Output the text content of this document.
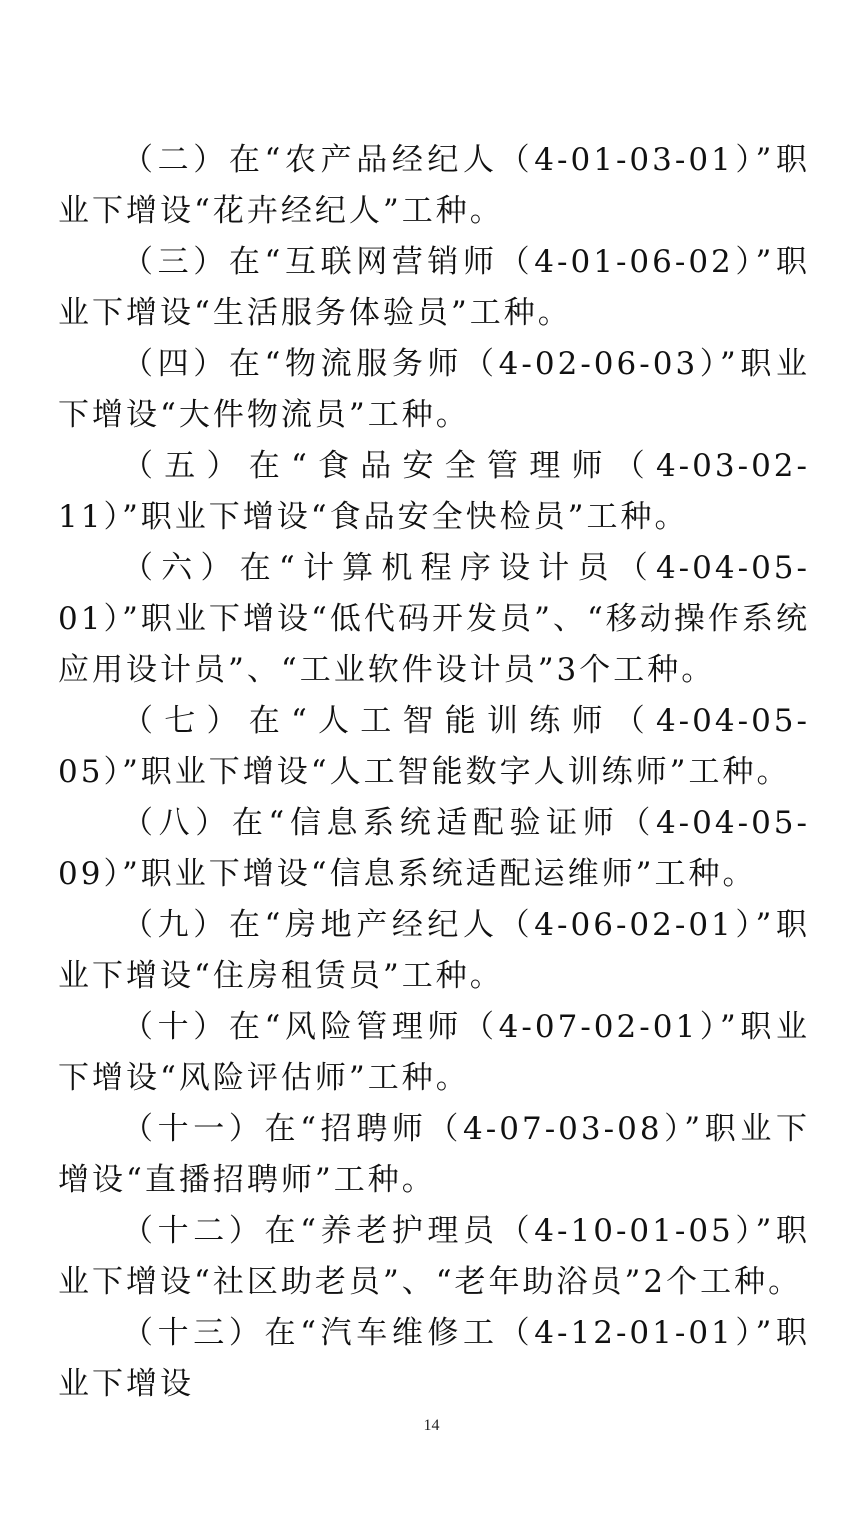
（二）在“农产品经纪人（4-01-03-01）”职业下增设“花卉经纪人”工种。

（三）在“互联网营销师（4-01-06-02）”职业下增设“生活服务体验员”工种。

（四）在“物流服务师（4-02-06-03）”职业下增设“大件物流员”工种。

（五）在“食品安全管理师（4-03-02-11）”职业下增设“食品安全快检员”工种。

（六）在“计算机程序设计员（4-04-05-01）”职业下增设“低代码开发员”、“移动操作系统应用设计员”、“工业软件设计员”3个工种。

（七）在“人工智能训练师（4-04-05-05）”职业下增设“人工智能数字人训练师”工种。

（八）在“信息系统适配验证师（4-04-05-09）”职业下增设“信息系统适配运维师”工种。

（九）在“房地产经纪人（4-06-02-01）”职业下增设“住房租赁员”工种。

（十）在“风险管理师（4-07-02-01）”职业下增设“风险评估师”工种。

（十一）在“招聘师（4-07-03-08）”职业下增设“直播招聘师”工种。

（十二）在“养老护理员（4-10-01-05）”职业下增设“社区助老员”、“老年助浴员”2个工种。

（十三）在“汽车维修工（4-12-01-01）”职业下增设

14
